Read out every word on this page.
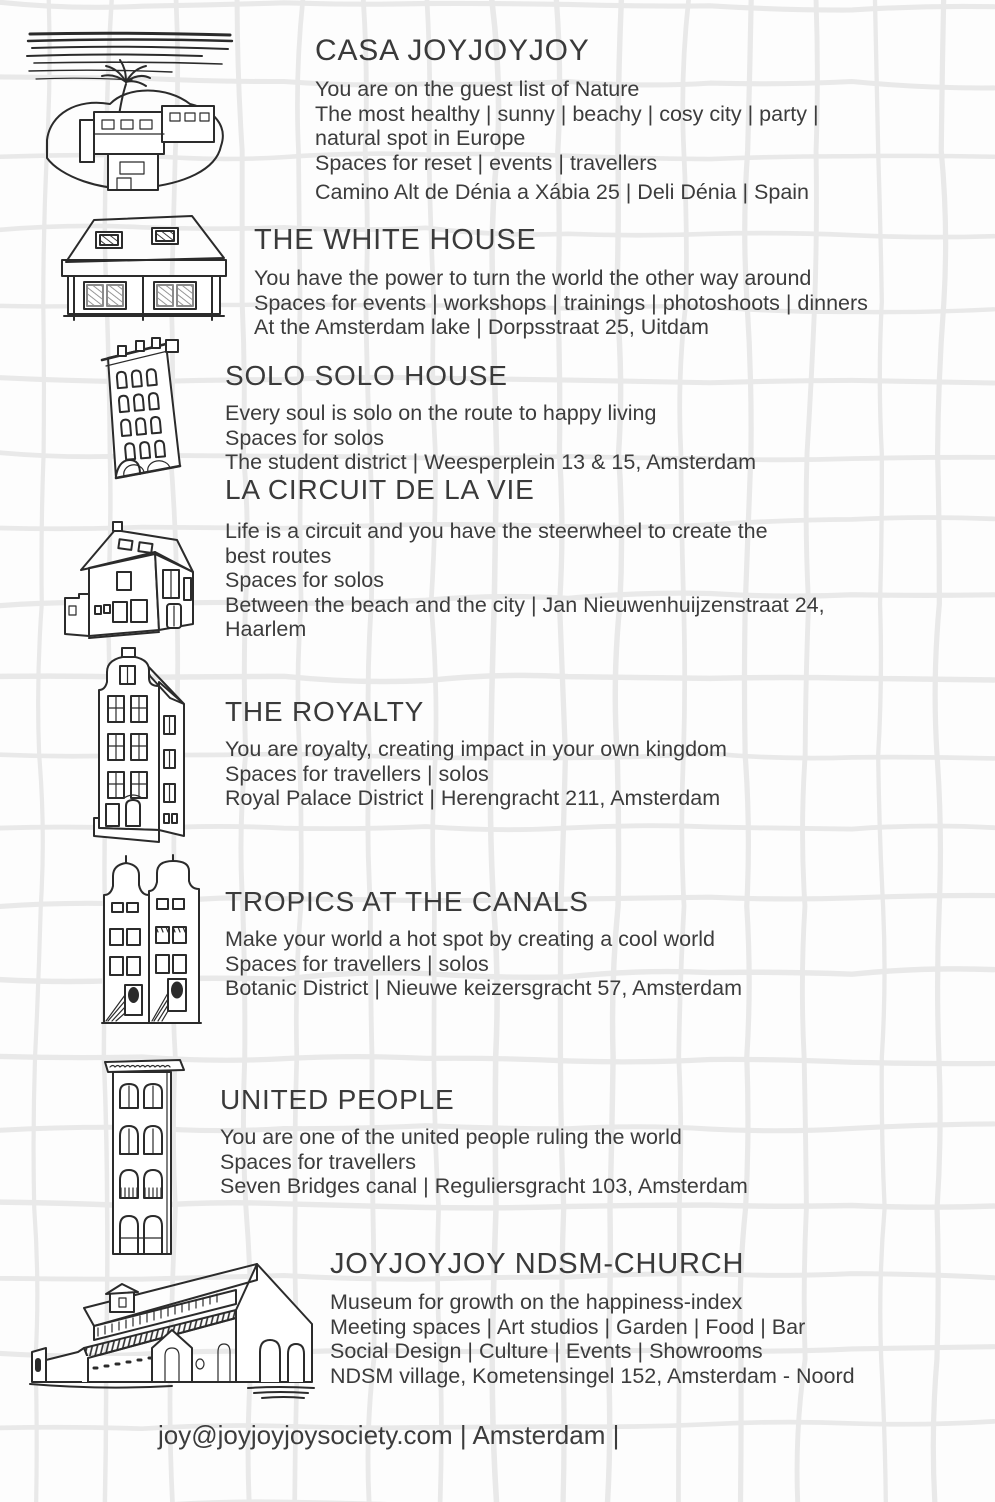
CASA JOYJOYJOY
You are on the guest list of Nature
The most healthy | sunny | beachy | cosy city | party |
natural spot in Europe
Spaces for reset | events | travellers
Camino Alt de Dénia a Xábia 25 | Deli Dénia | Spain
THE WHITE HOUSE
You have the power to turn the world the other way around
Spaces for events | workshops | trainings | photoshoots | dinners
At the Amsterdam lake | Dorpsstraat 25, Uitdam
SOLO SOLO HOUSE
Every soul is solo on the route to happy living
Spaces for solos
The student district | Weesperplein 13 & 15, Amsterdam
LA CIRCUIT DE LA VIE
Life is a circuit and you have the steerwheel to create the
best routes
Spaces for solos
Between the beach and the city | Jan Nieuwenhuijzenstraat 24,
Haarlem
THE ROYALTY
You are royalty, creating impact in your own kingdom
Spaces for travellers | solos
Royal Palace District | Herengracht 211, Amsterdam
TROPICS AT THE CANALS
Make your world a hot spot by creating a cool world
Spaces for travellers | solos
Botanic District | Nieuwe keizersgracht 57, Amsterdam
UNITED PEOPLE
You are one of the united people ruling the world
Spaces for travellers
Seven Bridges canal | Reguliersgracht 103, Amsterdam
JOYJOYJOY NDSM-CHURCH
Museum for growth on the happiness-index
Meeting spaces | Art studios | Garden | Food | Bar
Social Design | Culture | Events | Showrooms
NDSM village, Kometensingel 152, Amsterdam - Noord
joy@joyjoyjoysociety.com | Amsterdam |
